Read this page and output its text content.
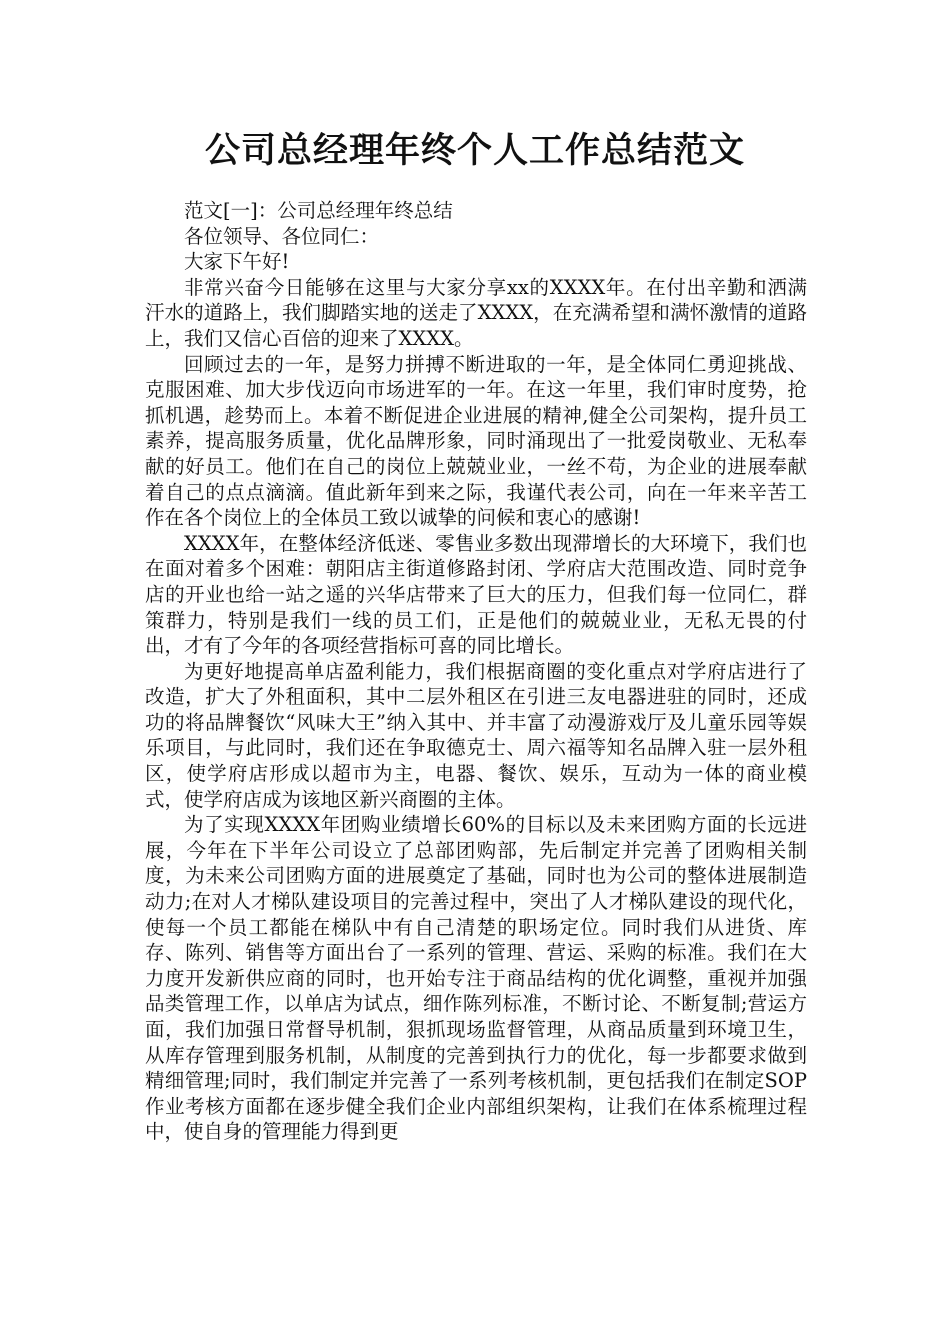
公司总经理年终个人工作总结范文

范文[一]：公司总经理年终总结

各位领导、各位同仁：

大家下午好!

非常兴奋今日能够在这里与大家分享xx的XXXX年。在付出辛勤和洒满汗水的道路上，我们脚踏实地的送走了XXXX，在充满希望和满怀激情的道路上，我们又信心百倍的迎来了XXXX。

回顾过去的一年，是努力拼搏不断进取的一年，是全体同仁勇迎挑战、克服困难、加大步伐迈向市场进军的一年。在这一年里，我们审时度势，抢抓机遇，趁势而上。本着不断促进企业进展的精神,健全公司架构，提升员工素养，提高服务质量，优化品牌形象，同时涌现出了一批爱岗敬业、无私奉献的好员工。他们在自己的岗位上兢兢业业，一丝不苟，为企业的进展奉献着自己的点点滴滴。值此新年到来之际，我谨代表公司，向在一年来辛苦工作在各个岗位上的全体员工致以诚挚的问候和衷心的感谢!

XXXX年，在整体经济低迷、零售业多数出现滞增长的大环境下，我们也在面对着多个困难：朝阳店主街道修路封闭、学府店大范围改造、同时竞争店的开业也给一站之遥的兴华店带来了巨大的压力，但我们每一位同仁，群策群力，特别是我们一线的员工们，正是他们的兢兢业业，无私无畏的付出，才有了今年的各项经营指标可喜的同比增长。

为更好地提高单店盈利能力，我们根据商圈的变化重点对学府店进行了改造，扩大了外租面积，其中二层外租区在引进三友电器进驻的同时，还成功的将品牌餐饮“风味大王”纳入其中、并丰富了动漫游戏厅及儿童乐园等娱乐项目，与此同时，我们还在争取德克士、周六福等知名品牌入驻一层外租区，使学府店形成以超市为主，电器、餐饮、娱乐，互动为一体的商业模式，使学府店成为该地区新兴商圈的主体。

为了实现XXXX年团购业绩增长60%的目标以及未来团购方面的长远进展，今年在下半年公司设立了总部团购部，先后制定并完善了团购相关制度，为未来公司团购方面的进展奠定了基础，同时也为公司的整体进展制造动力;在对人才梯队建设项目的完善过程中，突出了人才梯队建设的现代化，使每一个员工都能在梯队中有自己清楚的职场定位。同时我们从进货、库存、陈列、销售等方面出台了一系列的管理、营运、采购的标准。我们在大力度开发新供应商的同时，也开始专注于商品结构的优化调整，重视并加强品类管理工作，以单店为试点，细作陈列标准，不断讨论、不断复制;营运方面，我们加强日常督导机制，狠抓现场监督管理，从商品质量到环境卫生，从库存管理到服务机制，从制度的完善到执行力的优化，每一步都要求做到精细管理;同时，我们制定并完善了一系列考核机制，更包括我们在制定SOP作业考核方面都在逐步健全我们企业内部组织架构，让我们在体系梳理过程中，使自身的管理能力得到更
